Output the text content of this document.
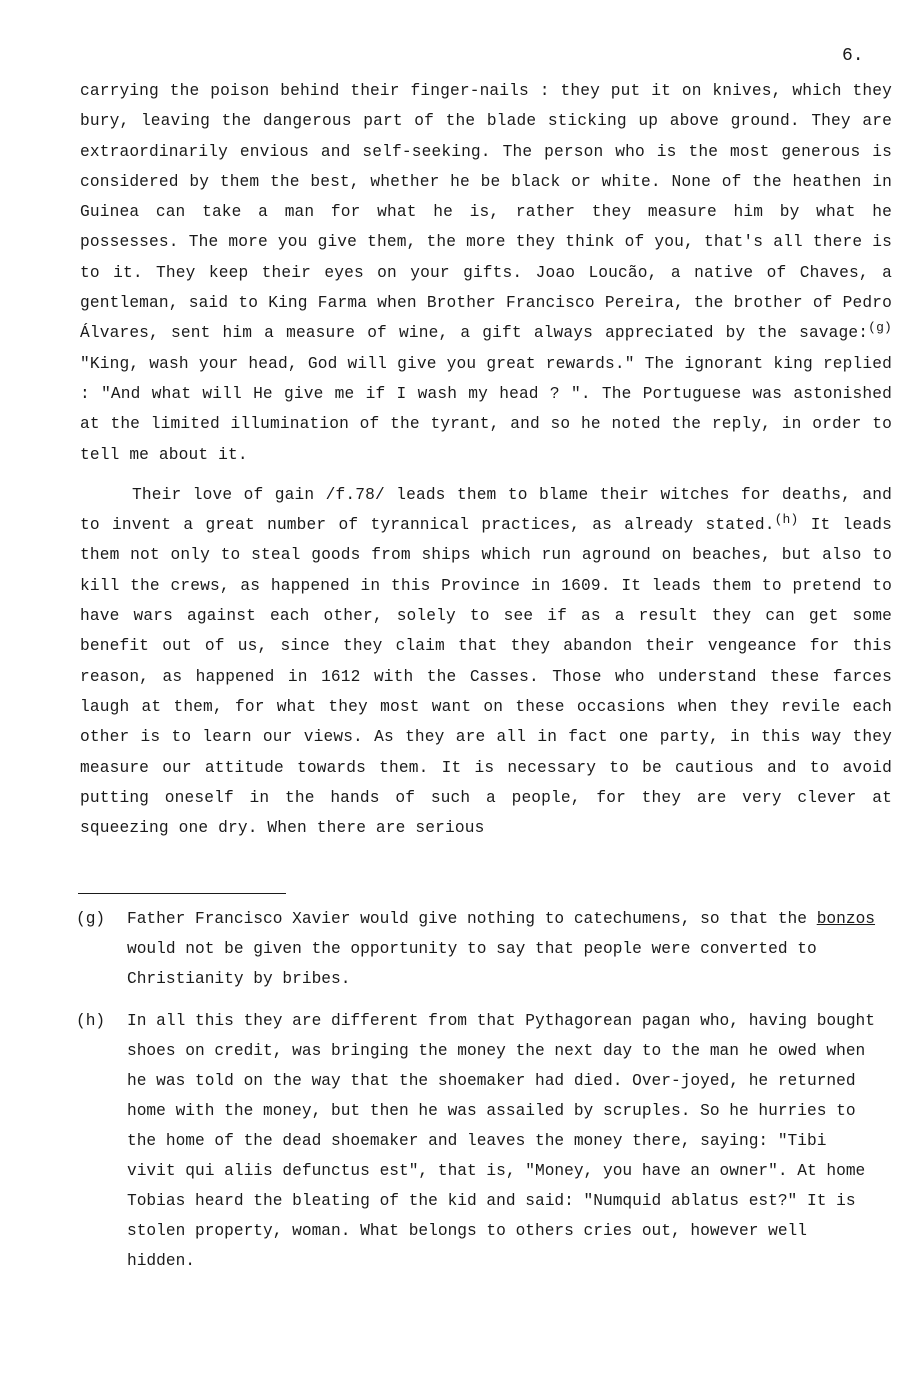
6.

carrying the poison behind their finger-nails : they put it on knives, which they bury, leaving the dangerous part of the blade sticking up above ground. They are extraordinarily envious and self-seeking. The person who is the most generous is considered by them the best, whether he be black or white. None of the heathen in Guinea can take a man for what he is, rather they measure him by what he possesses. The more you give them, the more they think of you, that's all there is to it. They keep their eyes on your gifts. Joao Loucão, a native of Chaves, a gentleman, said to King Farma when Brother Francisco Pereira, the brother of Pedro Álvares, sent him a measure of wine, a gift always appreciated by the savage:$^{(g)}$ "King, wash your head, God will give you great rewards." The ignorant king replied : "And what will He give me if I wash my head ? ". The Portuguese was astonished at the limited illumination of the tyrant, and so he noted the reply, in order to tell me about it.

Their love of gain /f.78/ leads them to blame their witches for deaths, and to invent a great number of tyrannical practices, as already stated.$^{(h)}$ It leads them not only to steal goods from ships which run aground on beaches, but also to kill the crews, as happened in this Province in 1609. It leads them to pretend to have wars against each other, solely to see if as a result they can get some benefit out of us, since they claim that they abandon their vengeance for this reason, as happened in 1612 with the Casses. Those who understand these farces laugh at them, for what they most want on these occasions when they revile each other is to learn our views. As they are all in fact one party, in this way they measure our attitude towards them. It is necessary to be cautious and to avoid putting oneself in the hands of such a people, for they are very clever at squeezing one dry. When there are serious

(g) Father Francisco Xavier would give nothing to catechumens, so that the bonzos would not be given the opportunity to say that people were converted to Christianity by bribes.
(h) In all this they are different from that Pythagorean pagan who, having bought shoes on credit, was bringing the money the next day to the man he owed when he was told on the way that the shoemaker had died. Over-joyed, he returned home with the money, but then he was assailed by scruples. So he hurries to the home of the dead shoemaker and leaves the money there, saying: "Tibi vivit qui aliis defunctus est", that is, "Money, you have an owner". At home Tobias heard the bleating of the kid and said: "Numquid ablatus est?" It is stolen property, woman. What belongs to others cries out, however well hidden.
